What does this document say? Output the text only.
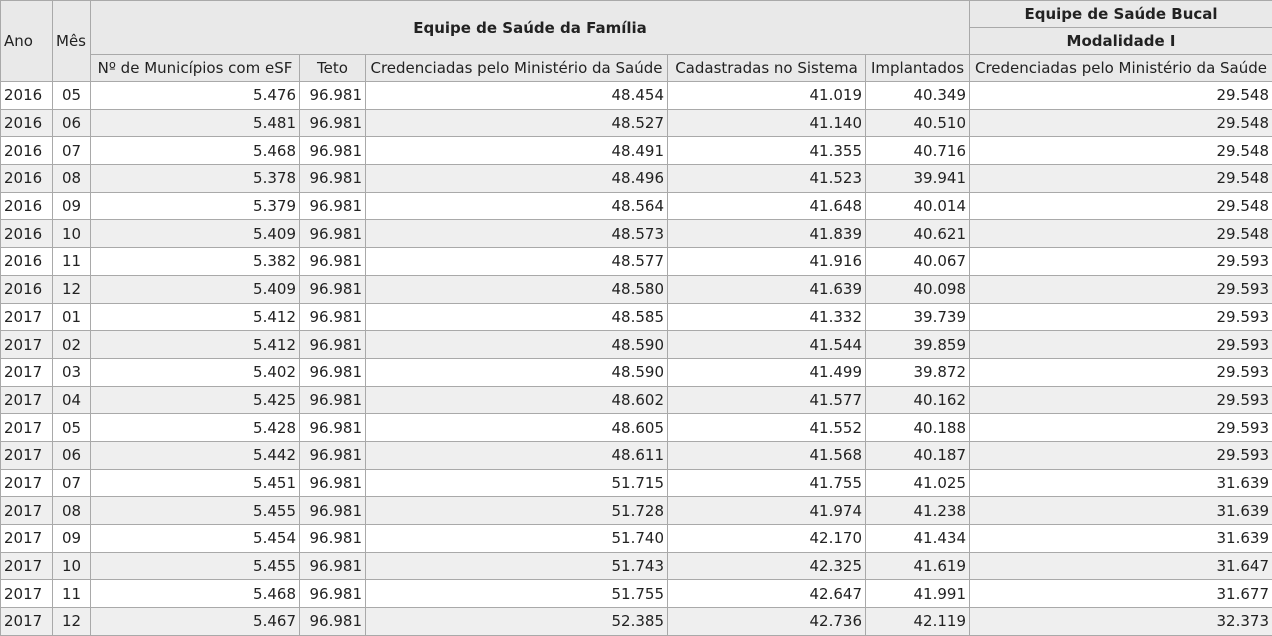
Ano	Mês	Equipe de Saúde da Família					Equipe de Saúde Bucal
							Modalidade I
		Nº de Municípios com eSF	Teto	Credenciadas pelo Ministério da Saúde	Cadastradas no Sistema	Implantados	Credenciadas pelo Ministério da Saúde
2016	05	5.476	96.981	48.454	41.019	40.349	29.548
2016	06	5.481	96.981	48.527	41.140	40.510	29.548
2016	07	5.468	96.981	48.491	41.355	40.716	29.548
2016	08	5.378	96.981	48.496	41.523	39.941	29.548
2016	09	5.379	96.981	48.564	41.648	40.014	29.548
2016	10	5.409	96.981	48.573	41.839	40.621	29.548
2016	11	5.382	96.981	48.577	41.916	40.067	29.593
2016	12	5.409	96.981	48.580	41.639	40.098	29.593
2017	01	5.412	96.981	48.585	41.332	39.739	29.593
2017	02	5.412	96.981	48.590	41.544	39.859	29.593
2017	03	5.402	96.981	48.590	41.499	39.872	29.593
2017	04	5.425	96.981	48.602	41.577	40.162	29.593
2017	05	5.428	96.981	48.605	41.552	40.188	29.593
2017	06	5.442	96.981	48.611	41.568	40.187	29.593
2017	07	5.451	96.981	51.715	41.755	41.025	31.639
2017	08	5.455	96.981	51.728	41.974	41.238	31.639
2017	09	5.454	96.981	51.740	42.170	41.434	31.639
2017	10	5.455	96.981	51.743	42.325	41.619	31.647
2017	11	5.468	96.981	51.755	42.647	41.991	31.677
2017	12	5.467	96.981	52.385	42.736	42.119	32.373
